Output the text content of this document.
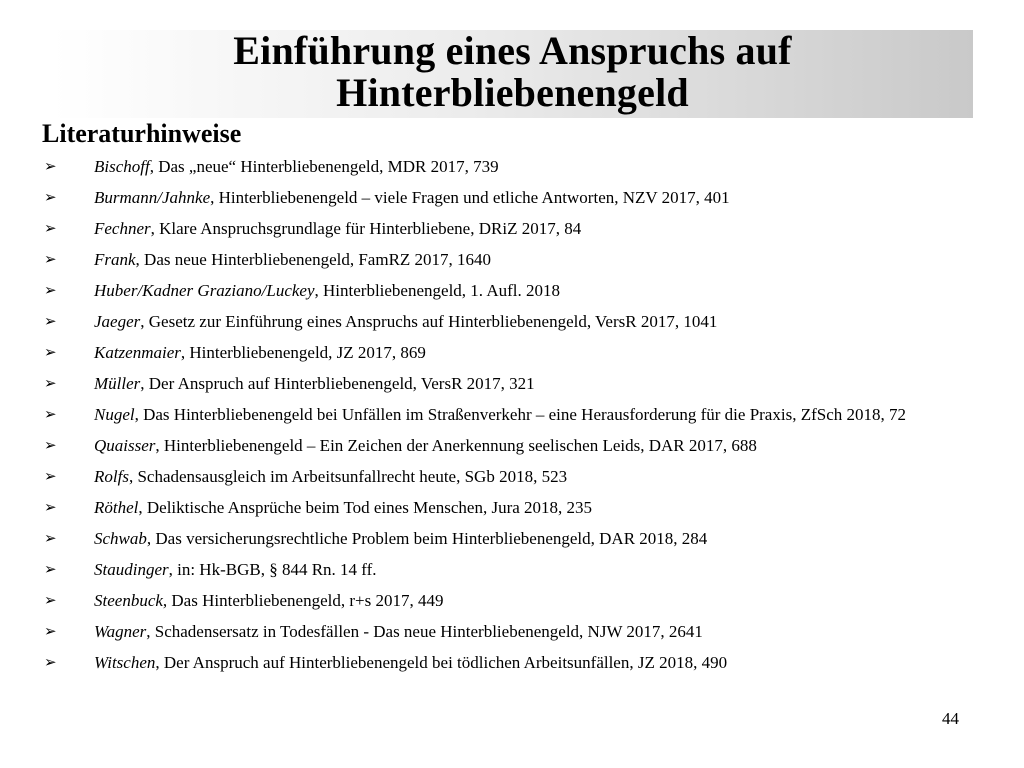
Einführung eines Anspruchs auf
Hinterbliebenengeld
Literaturhinweise
➢	Bischoff, Das „neue“ Hinterbliebenengeld, MDR 2017, 739
➢	Burmann/Jahnke, Hinterbliebenengeld – viele Fragen und etliche Antworten, NZV 2017, 401
➢	Fechner, Klare Anspruchsgrundlage für Hinterbliebene, DRiZ 2017, 84
➢	Frank, Das neue Hinterbliebenengeld, FamRZ 2017, 1640
➢	Huber/Kadner Graziano/Luckey, Hinterbliebenengeld, 1. Aufl. 2018
➢	Jaeger, Gesetz zur Einführung eines Anspruchs auf Hinterbliebenengeld, VersR 2017, 1041
➢	Katzenmaier, Hinterbliebenengeld, JZ 2017, 869
➢	Müller, Der Anspruch auf Hinterbliebenengeld, VersR 2017, 321
➢	Nugel, Das Hinterbliebenengeld bei Unfällen im Straßenverkehr – eine Herausforderung für die Praxis, ZfSch 2018, 72
➢	Quaisser, Hinterbliebenengeld – Ein Zeichen der Anerkennung seelischen Leids, DAR 2017, 688
➢	Rolfs, Schadensausgleich im Arbeitsunfallrecht heute, SGb 2018, 523
➢	Röthel, Deliktische Ansprüche beim Tod eines Menschen, Jura 2018, 235
➢	Schwab, Das versicherungsrechtliche Problem beim Hinterbliebenengeld, DAR 2018, 284
➢	Staudinger, in: Hk-BGB, § 844 Rn. 14 ff.
➢	Steenbuck, Das Hinterbliebenengeld, r+s 2017, 449
➢	Wagner, Schadensersatz in Todesfällen - Das neue Hinterbliebenengeld, NJW 2017, 2641
➢	Witschen, Der Anspruch auf Hinterbliebenengeld bei tödlichen Arbeitsunfällen, JZ 2018, 490
44
